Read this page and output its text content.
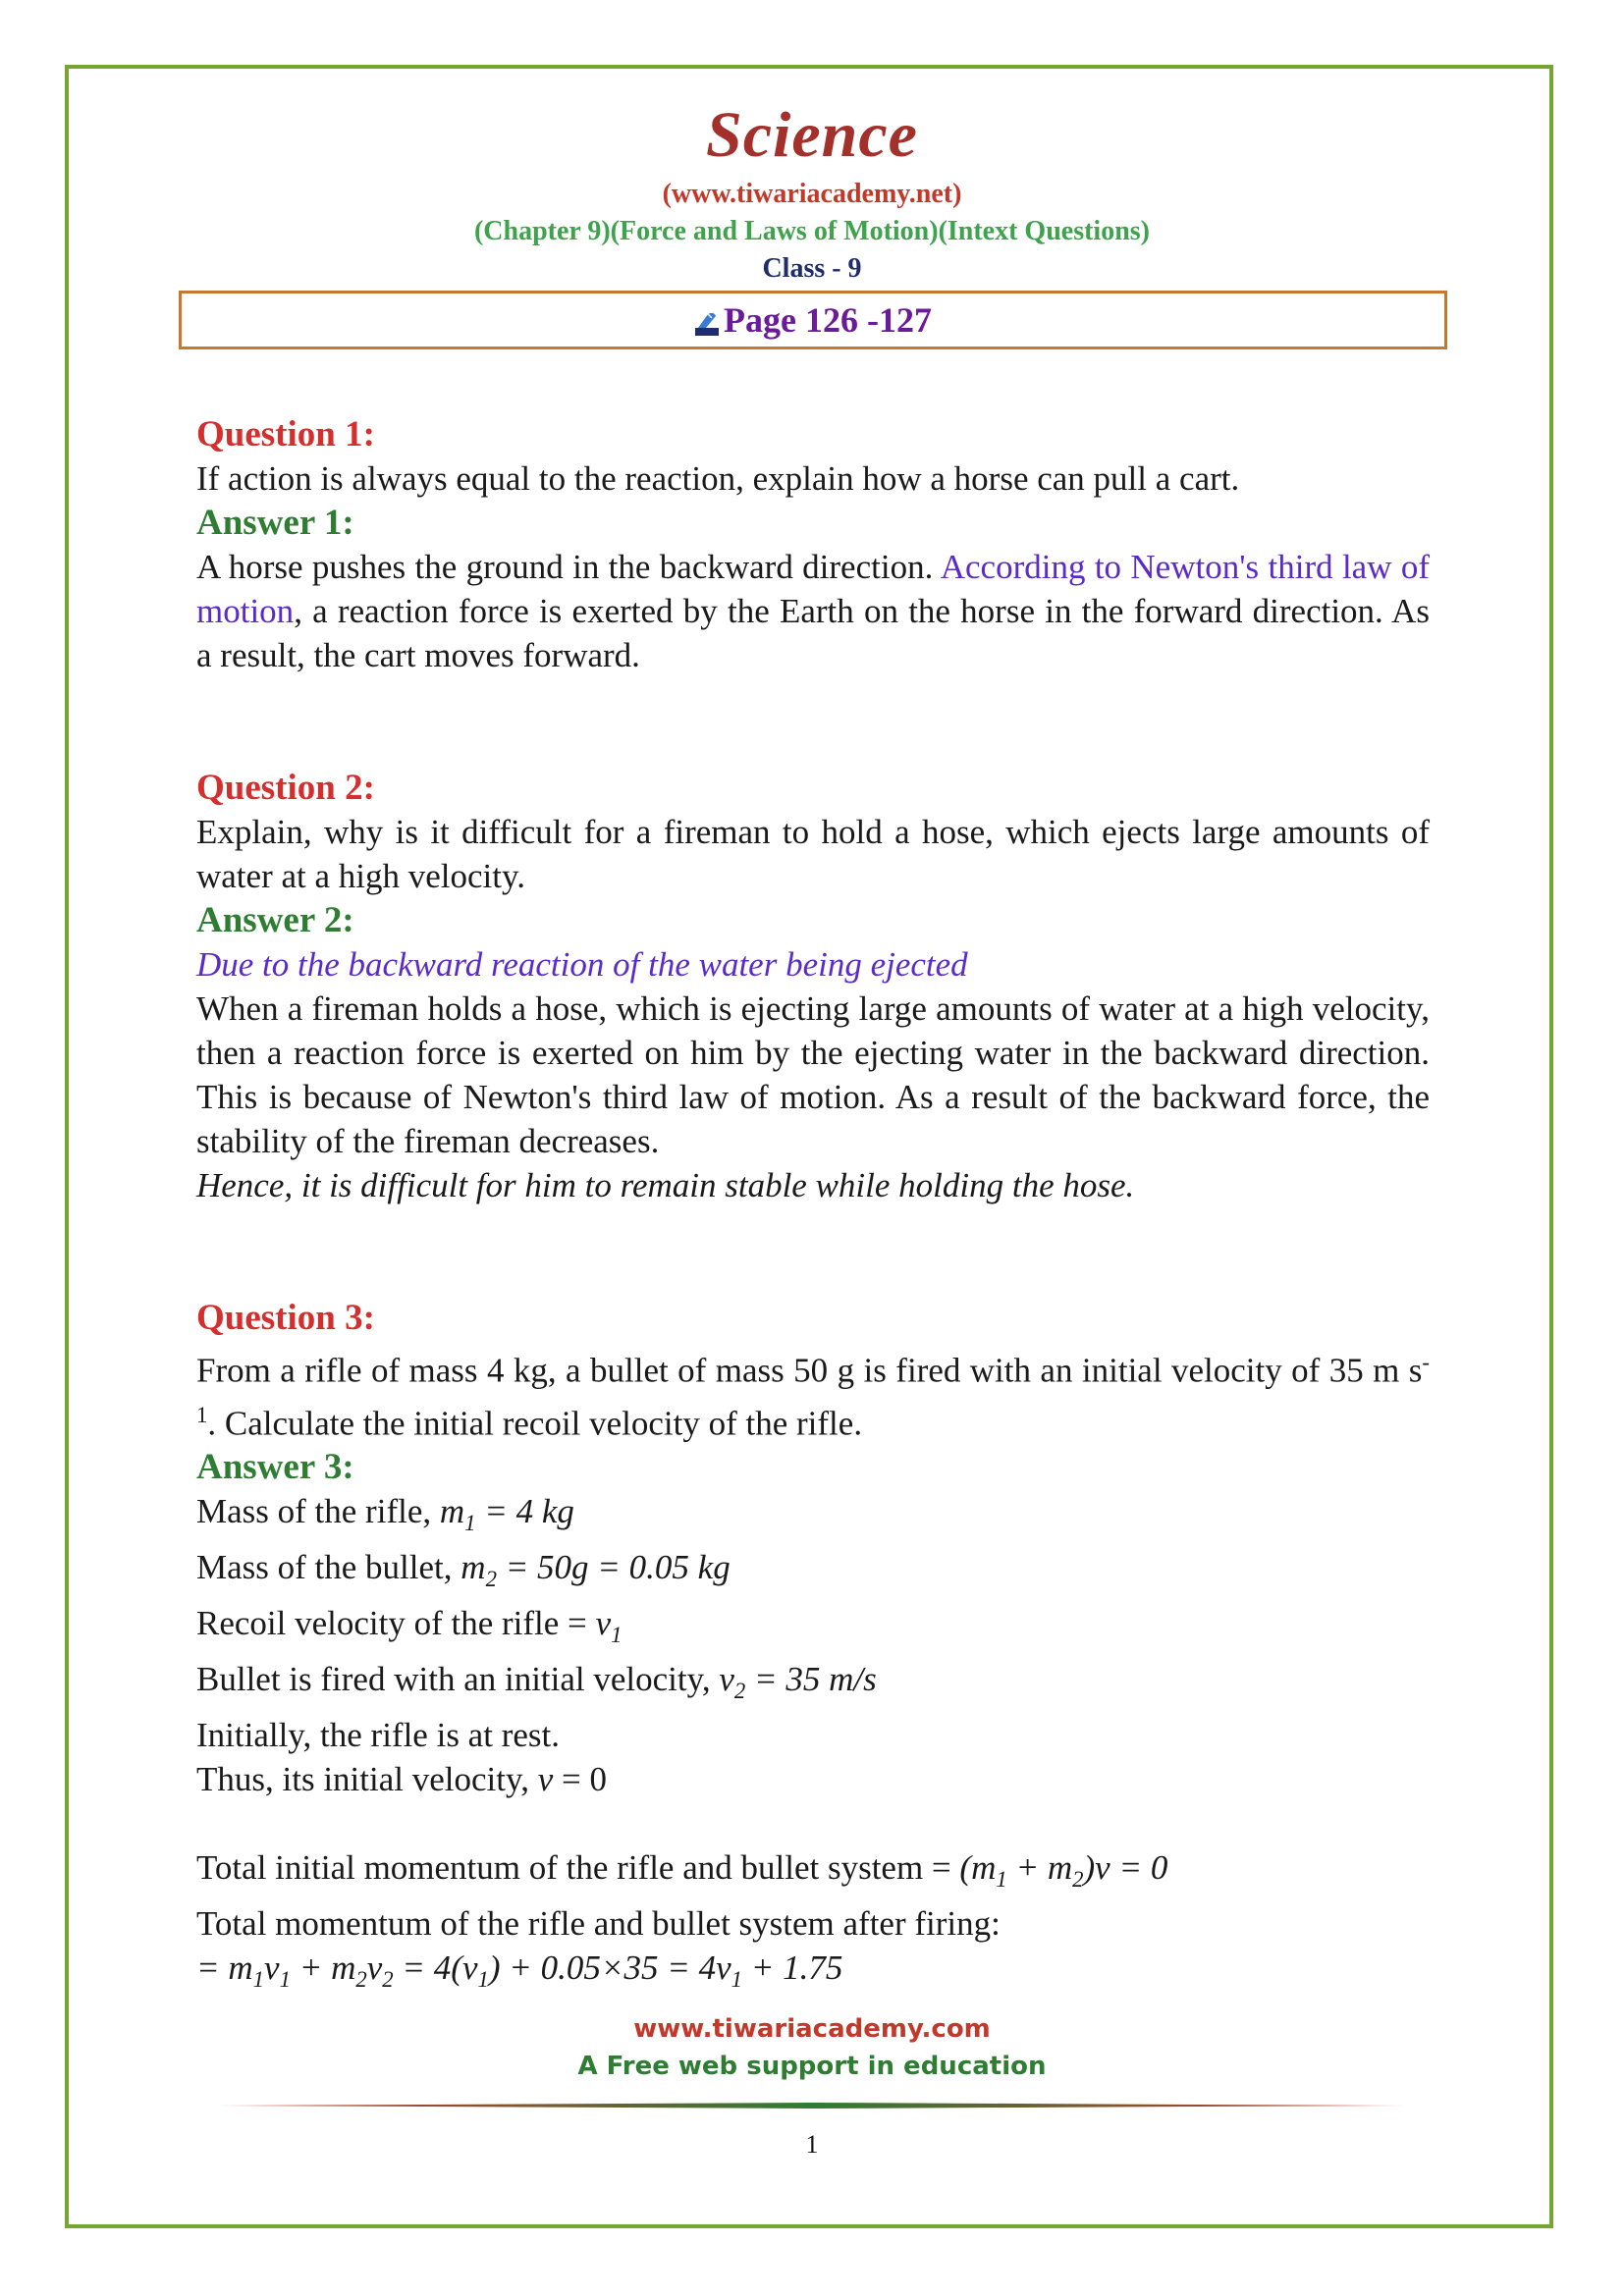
Science
(www.tiwariacademy.net)
(Chapter 9)(Force and Laws of Motion)(Intext Questions)
Class - 9
Page 126 -127

Question 1:

If action is always equal to the reaction, explain how a horse can pull a cart.

Answer 1:

A horse pushes the ground in the backward direction. According to Newton's third law of motion, a reaction force is exerted by the Earth on the horse in the forward direction. As a result, the cart moves forward.

Question 2:

Explain, why is it difficult for a fireman to hold a hose, which ejects large amounts of water at a high velocity.

Answer 2:

Due to the backward reaction of the water being ejected

When a fireman holds a hose, which is ejecting large amounts of water at a high velocity, then a reaction force is exerted on him by the ejecting water in the backward direction. This is because of Newton's third law of motion. As a result of the backward force, the stability of the fireman decreases.

Hence, it is difficult for him to remain stable while holding the hose.

Question 3:

From a rifle of mass 4 kg, a bullet of mass 50 g is fired with an initial velocity of 35 m $s^{-1}$. Calculate the initial recoil velocity of the rifle.

Answer 3:

Mass of the rifle, $m_1 = 4$ kg

Mass of the bullet, $m_2 = 50g = 0.05$ kg

Recoil velocity of the rifle = $v_1$

Bullet is fired with an initial velocity, $v_2 = 35$ m/s

Initially, the rifle is at rest.

Thus, its initial velocity, v = 0

Total initial momentum of the rifle and bullet system = $(m_1 + m_2)v = 0$

Total momentum of the rifle and bullet system after firing:

= $m_1v_1 + m_2v_2 = 4(v_1) + 0.05\times 35 = 4v_1 + 1.75$

www.tiwariacademy.com
A Free web support in education
1
